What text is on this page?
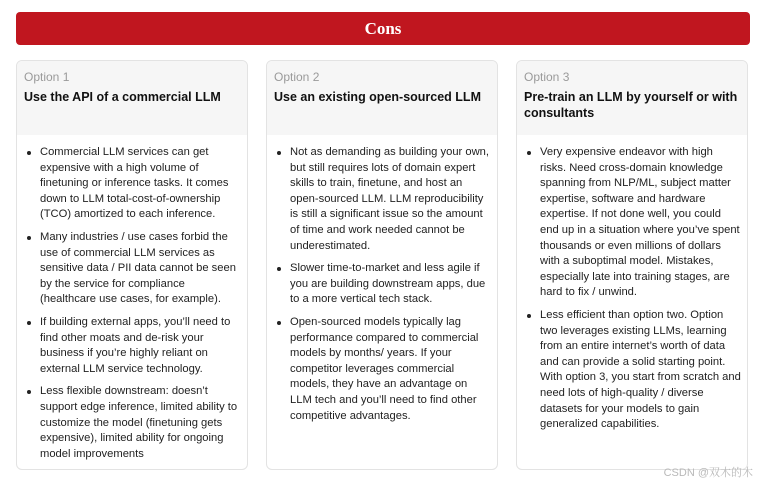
Cons
Option 1
Use the API of a commercial LLM
Commercial LLM services can get expensive with a high volume of finetuning or inference tasks. It comes down to LLM total-cost-of-ownership (TCO) amortized to each inference.
Many industries / use cases forbid the use of commercial LLM services as sensitive data / PII data cannot be seen by the service for compliance (healthcare use cases, for example).
If building external apps, you’ll need to find other moats and de-risk your business if you’re highly reliant on external LLM service technology.
Less flexible downstream: doesn’t support edge inference, limited ability to customize the model (finetuning gets expensive), limited ability for ongoing model improvements
Option 2
Use an existing open-sourced LLM
Not as demanding as building your own, but still requires lots of domain expert skills to train, finetune, and host an open-sourced LLM. LLM reproducibility is still a significant issue so the amount of time and work needed cannot be underestimated.
Slower time-to-market and less agile if you are building downstream apps, due to a more vertical tech stack.
Open-sourced models typically lag performance compared to commercial models by months/ years. If your competitor leverages commercial models, they have an advantage on LLM tech and you’ll need to find other competitive advantages.
Option 3
Pre-train an LLM by yourself or with consultants
Very expensive endeavor with high risks. Need cross-domain knowledge spanning from NLP/ML, subject matter expertise, software and hardware expertise. If not done well, you could end up in a situation where you’ve spent thousands or even millions of dollars with a suboptimal model. Mistakes, especially late into training stages, are hard to fix / unwind.
Less efficient than option two. Option two leverages existing LLMs, learning from an entire internet’s worth of data and can provide a solid starting point. With option 3, you start from scratch and need lots of high-quality / diverse datasets for your models to gain generalized capabilities.
CSDN @双木的木
